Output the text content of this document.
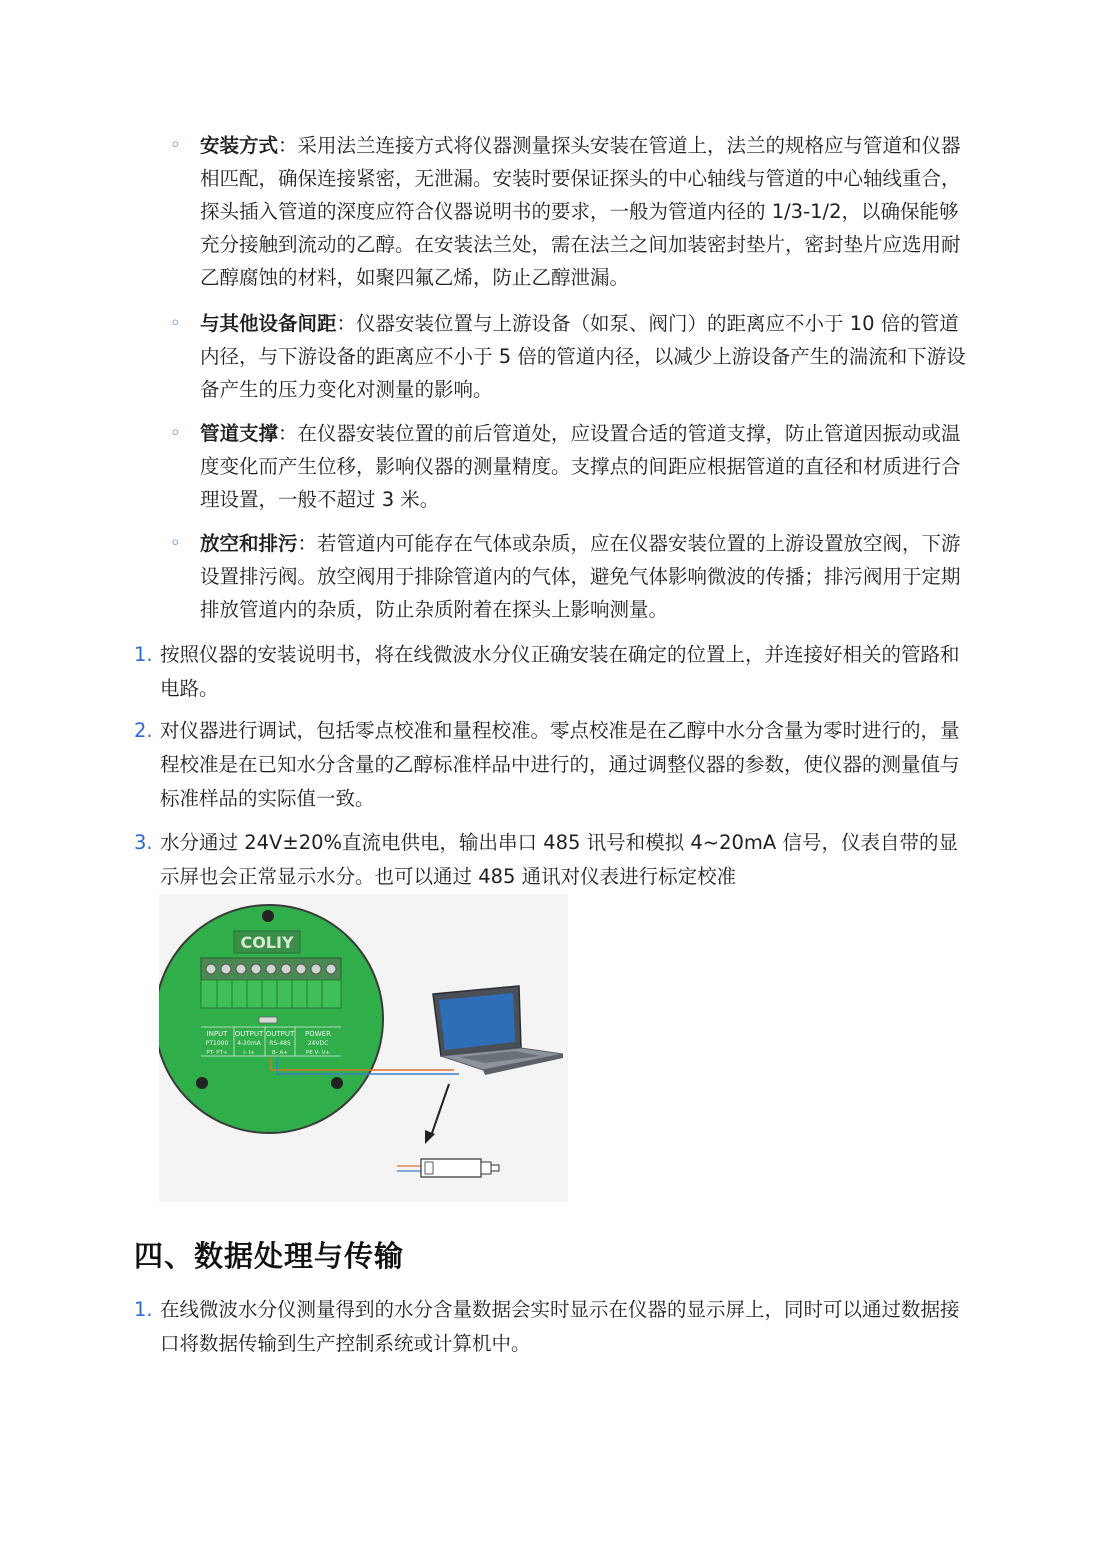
◦ 安装方式：采用法兰连接方式将仪器测量探头安装在管道上，法兰的规格应与管道和仪器相匹配，确保连接紧密，无泄漏。安装时要保证探头的中心轴线与管道的中心轴线重合，探头插入管道的深度应符合仪器说明书的要求，一般为管道内径的 1/3-1/2，以确保能够充分接触到流动的乙醇。在安装法兰处，需在法兰之间加装密封垫片，密封垫片应选用耐乙醇腐蚀的材料，如聚四氟乙烯，防止乙醇泄漏。
◦ 与其他设备间距：仪器安装位置与上游设备（如泵、阀门）的距离应不小于 10 倍的管道内径，与下游设备的距离应不小于 5 倍的管道内径，以减少上游设备产生的湍流和下游设备产生的压力变化对测量的影响。
◦ 管道支撑：在仪器安装位置的前后管道处，应设置合适的管道支撑，防止管道因振动或温度变化而产生位移，影响仪器的测量精度。支撑点的间距应根据管道的直径和材质进行合理设置，一般不超过 3 米。
◦ 放空和排污：若管道内可能存在气体或杂质，应在仪器安装位置的上游设置放空阀，下游设置排污阀。放空阀用于排除管道内的气体，避免气体影响微波的传播；排污阀用于定期排放管道内的杂质，防止杂质附着在探头上影响测量。
1. 按照仪器的安装说明书，将在线微波水分仪正确安装在确定的位置上，并连接好相关的管路和电路。
2. 对仪器进行调试，包括零点校准和量程校准。零点校准是在乙醇中水分含量为零时进行的，量程校准是在已知水分含量的乙醇标准样品中进行的，通过调整仪器的参数，使仪器的测量值与标准样品的实际值一致。
3. 水分通过 24V±20%直流电供电，输出串口 485 讯号和模拟 4~20mA 信号，仪表自带的显示屏也会正常显示水分。也可以通过 485 通讯对仪表进行标定校准
COLIY
INPUT
PT1000
PT- PT+
OUTPUT
4-20mA
I- I+
OUTPUT
RS-485
B- A+
POWER
24VDC
PE V- V+
四、数据处理与传输
1. 在线微波水分仪测量得到的水分含量数据会实时显示在仪器的显示屏上，同时可以通过数据接口将数据传输到生产控制系统或计算机中。
